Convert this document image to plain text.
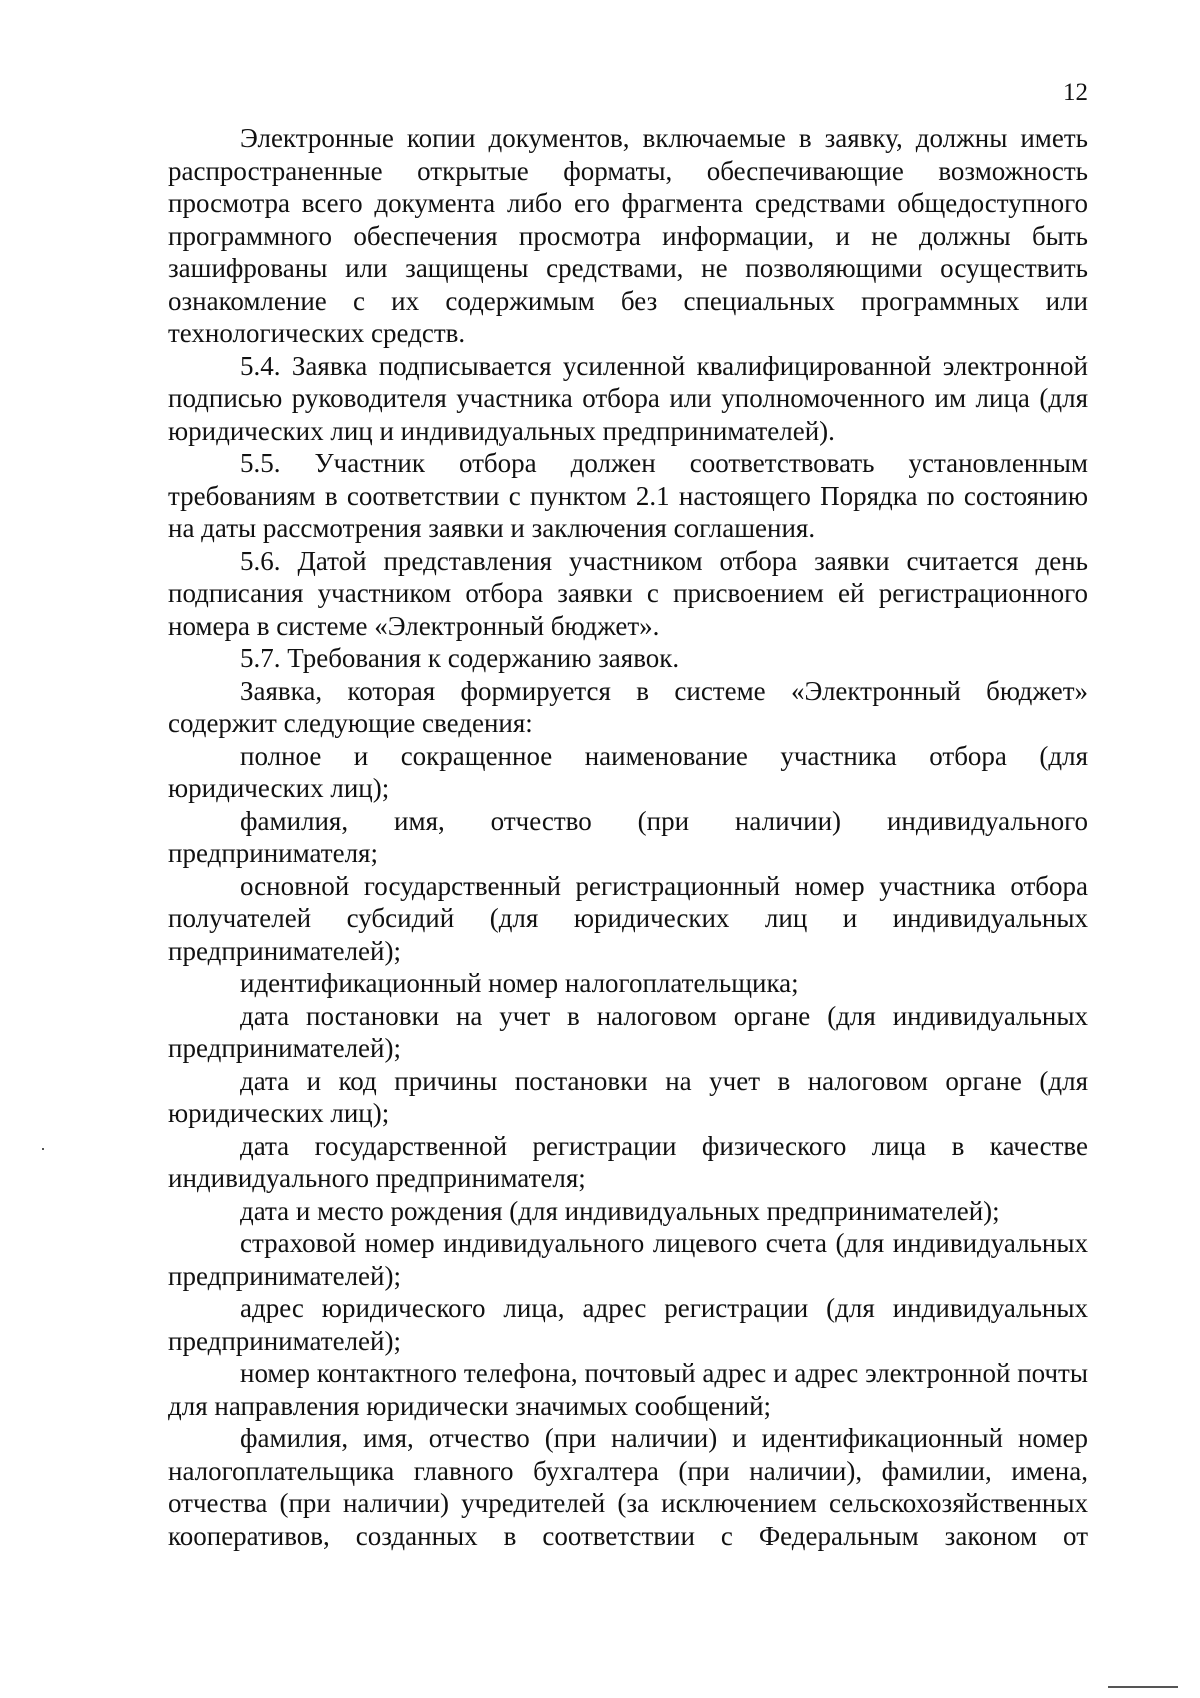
12

Электронные копии документов, включаемые в заявку, должны иметь распространенные открытые форматы, обеспечивающие возможность просмотра всего документа либо его фрагмента средствами общедоступного программного обеспечения просмотра информации, и не должны быть зашифрованы или защищены средствами, не позволяющими осуществить ознакомление с их содержимым без специальных программных или технологических средств.

5.4. Заявка подписывается усиленной квалифицированной электронной подписью руководителя участника отбора или уполномоченного им лица (для юридических лиц и индивидуальных предпринимателей).

5.5. Участник отбора должен соответствовать установленным требованиям в соответствии с пунктом 2.1 настоящего Порядка по состоянию на даты рассмотрения заявки и заключения соглашения.

5.6. Датой представления участником отбора заявки считается день подписания участником отбора заявки с присвоением ей регистрационного номера в системе «Электронный бюджет».

5.7. Требования к содержанию заявок.

Заявка, которая формируется в системе «Электронный бюджет» содержит следующие сведения:

полное и сокращенное наименование участника отбора (для юридических лиц);

фамилия, имя, отчество (при наличии) индивидуального предпринимателя;

основной государственный регистрационный номер участника отбора получателей субсидий (для юридических лиц и индивидуальных предпринимателей);

идентификационный номер налогоплательщика;

дата постановки на учет в налоговом органе (для индивидуальных предпринимателей);

дата и код причины постановки на учет в налоговом органе (для юридических лиц);

дата государственной регистрации физического лица в качестве индивидуального предпринимателя;

дата и место рождения (для индивидуальных предпринимателей);

страховой номер индивидуального лицевого счета (для индивидуальных предпринимателей);

адрес юридического лица, адрес регистрации (для индивидуальных предпринимателей);

номер контактного телефона, почтовый адрес и адрес электронной почты для направления юридически значимых сообщений;

фамилия, имя, отчество (при наличии) и идентификационный номер налогоплательщика главного бухгалтера (при наличии), фамилии, имена, отчества (при наличии) учредителей (за исключением сельскохозяйственных кооперативов, созданных в соответствии с Федеральным законом от
